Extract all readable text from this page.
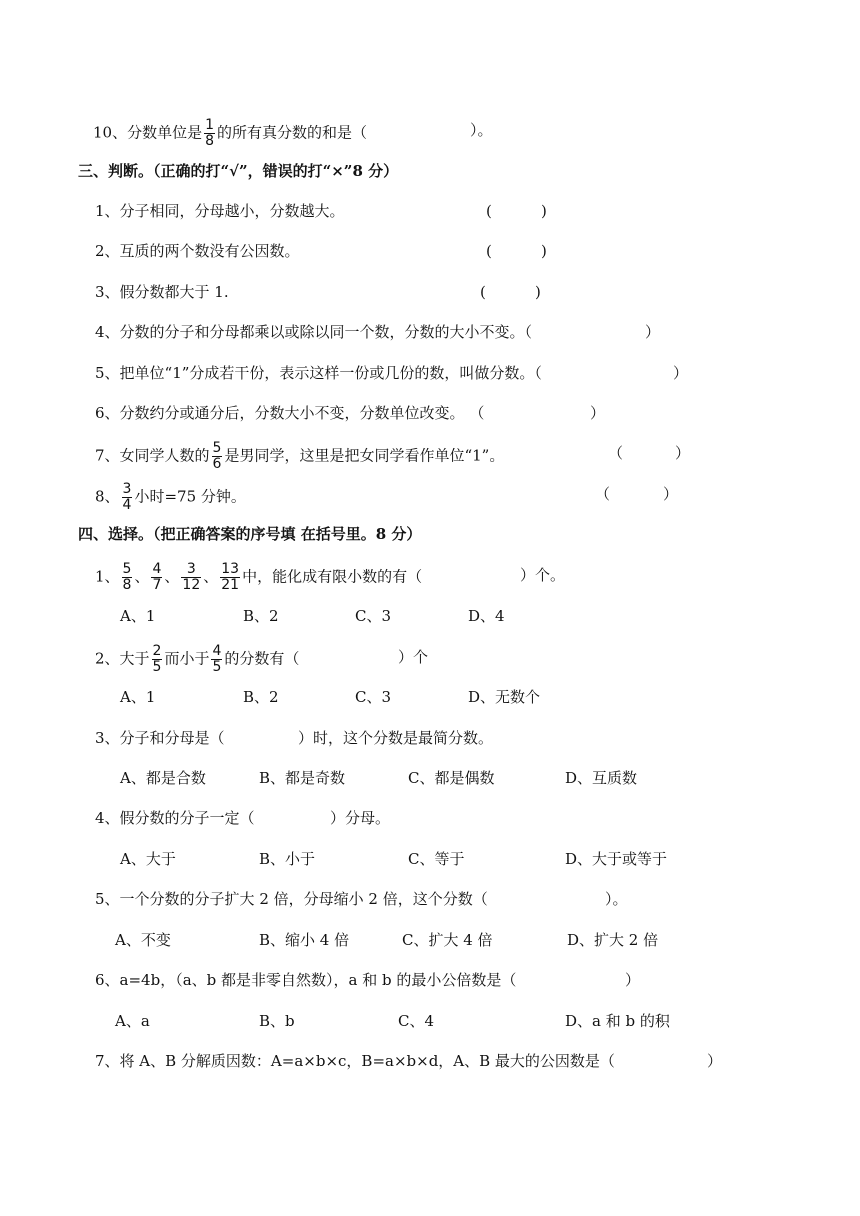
10、分数单位是 $\frac{1}{8}$ 的所有真分数的和是（	）。
三、判断。（正确的打“√”，错误的打“×”8 分）
1、分子相同，分母越小，分数越大。	(	)
2、互质的两个数没有公因数。	(	)
3、假分数都大于 1.	(	)
4、分数的分子和分母都乘以或除以同一个数，分数的大小不变。（	）
5、把单位“1”分成若干份，表示这样一份或几份的数，叫做分数。（	）
6、分数约分或通分后，分数大小不变，分数单位改变。 （	）
7、女同学人数的 $\frac{5}{6}$ 是男同学，这里是把女同学看作单位“1”。	（	）
8、 $\frac{3}{4}$ 小时=75 分钟。	（	）
四、选择。（把正确答案的序号填 在括号里。8 分）
1、 $\frac{5}{8}$ 、 $\frac{4}{7}$ 、 $\frac{3}{12}$ 、 $\frac{13}{21}$ 中，能化成有限小数的有（	）个。
A、1	B、2	C、3	D、4
2、大于 $\frac{2}{5}$ 而小于 $\frac{4}{5}$ 的分数有（	）个
A、1	B、2	C、3	D、无数个
3、分子和分母是（	）时，这个分数是最简分数。
A、都是合数	B、都是奇数	C、都是偶数	D、互质数
4、假分数的分子一定（	）分母。
A、大于	B、小于	C、等于	D、大于或等于
5、一个分数的分子扩大 2 倍，分母缩小 2 倍，这个分数（	）。
A、不变	B、缩小 4 倍	C、扩大 4 倍	D、扩大 2 倍
6、a=4b，（a、b 都是非零自然数），a 和 b 的最小公倍数是（	）
A、a	B、b	C、4	D、a 和 b 的积
7、将 A、B 分解质因数：A=a×b×c，B=a×b×d，A、B 最大的公因数是（	）
